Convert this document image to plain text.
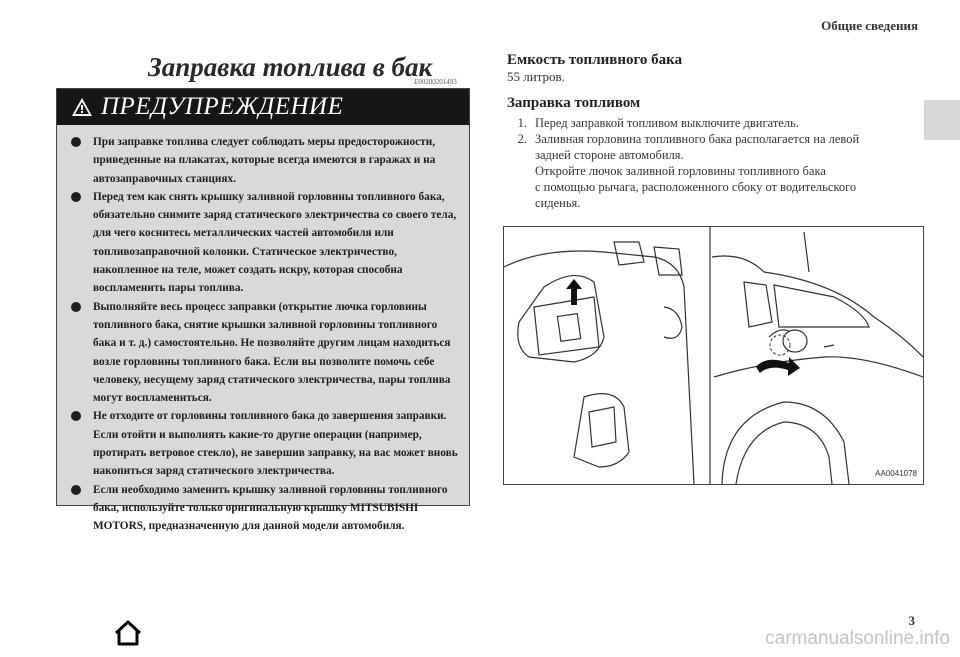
Общие сведения
Заправка топлива в бак
E00200201493
ПРЕДУПРЕЖДЕНИЕ
При заправке топлива следует соблюдать меры предосторожности, приведенные на плакатах, которые всегда имеются в гаражах и на автозаправочных станциях.
Перед тем как снять крышку заливной горловины топливного бака, обязательно снимите заряд статического электричества со своего тела, для чего коснитесь металлических частей автомобиля или топливозаправочной колонки. Статическое электричество, накопленное на теле, может создать искру, которая способна воспламенить пары топлива.
Выполняйте весь процесс заправки (открытие лючка горловины топливного бака, снятие крышки заливной горловины топливного бака и т. д.) самостоятельно. Не позволяйте другим лицам находиться возле горловины топливного бака. Если вы позволите помочь себе человеку, несущему заряд статического электричества, пары топлива могут воспламениться.
Не отходите от горловины топливного бака до завершения заправки. Если отойти и выполнять какие-то другие операции (например, протирать ветровое стекло), не завершив заправку, на вас может вновь накопиться заряд статического электричества.
Если необходимо заменить крышку заливной горловины топливного бака, используйте только оригинальную крышку MITSUBISHI MOTORS, предназначенную для данной модели автомобиля.
Емкость топливного бака
55 литров.
Заправка топливом
1. Перед заправкой топливом выключите двигатель.
2. Заливная горловина топливного бака располагается на левой
задней стороне автомобиля.
Откройте лючок заливной горловины топливного бака
с помощью рычага, расположенного сбоку от водительского
сиденья.
AA0041078
3
carmanualsonline.info
